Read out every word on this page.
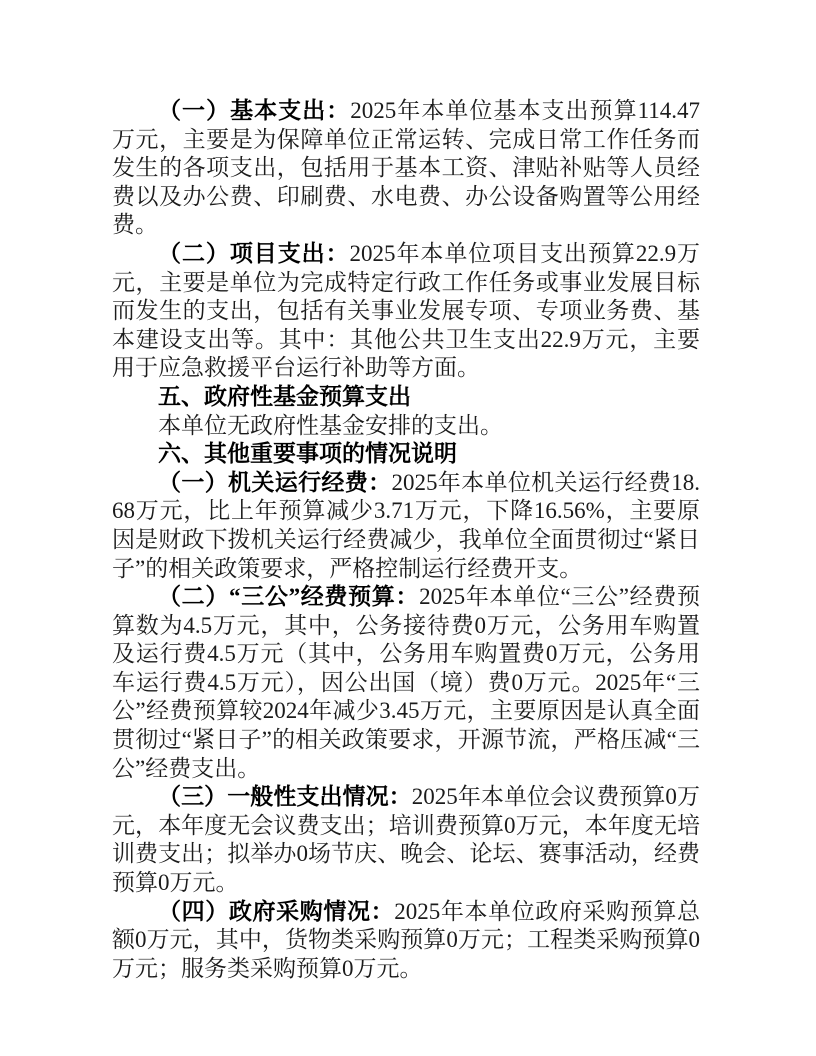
（一）基本支出：2025年本单位基本支出预算114.47万元，主要是为保障单位正常运转、完成日常工作任务而发生的各项支出，包括用于基本工资、津贴补贴等人员经费以及办公费、印刷费、水电费、办公设备购置等公用经费。

（二）项目支出：2025年本单位项目支出预算22.9万元，主要是单位为完成特定行政工作任务或事业发展目标而发生的支出，包括有关事业发展专项、专项业务费、基本建设支出等。其中：其他公共卫生支出22.9万元，主要用于应急救援平台运行补助等方面。

五、政府性基金预算支出

本单位无政府性基金安排的支出。

六、其他重要事项的情况说明

（一）机关运行经费：2025年本单位机关运行经费18.68万元，比上年预算减少3.71万元，下降16.56%，主要原因是财政下拨机关运行经费减少，我单位全面贯彻过“紧日子”的相关政策要求，严格控制运行经费开支。

（二）“三公”经费预算：2025年本单位“三公”经费预算数为4.5万元，其中，公务接待费0万元，公务用车购置及运行费4.5万元（其中，公务用车购置费0万元，公务用车运行费4.5万元），因公出国（境）费0万元。2025年“三公”经费预算较2024年减少3.45万元，主要原因是认真全面贯彻过“紧日子”的相关政策要求，开源节流，严格压减“三公”经费支出。

（三）一般性支出情况：2025年本单位会议费预算0万元，本年度无会议费支出；培训费预算0万元，本年度无培训费支出；拟举办0场节庆、晚会、论坛、赛事活动，经费预算0万元。

（四）政府采购情况：2025年本单位政府采购预算总额0万元，其中，货物类采购预算0万元；工程类采购预算0万元；服务类采购预算0万元。
